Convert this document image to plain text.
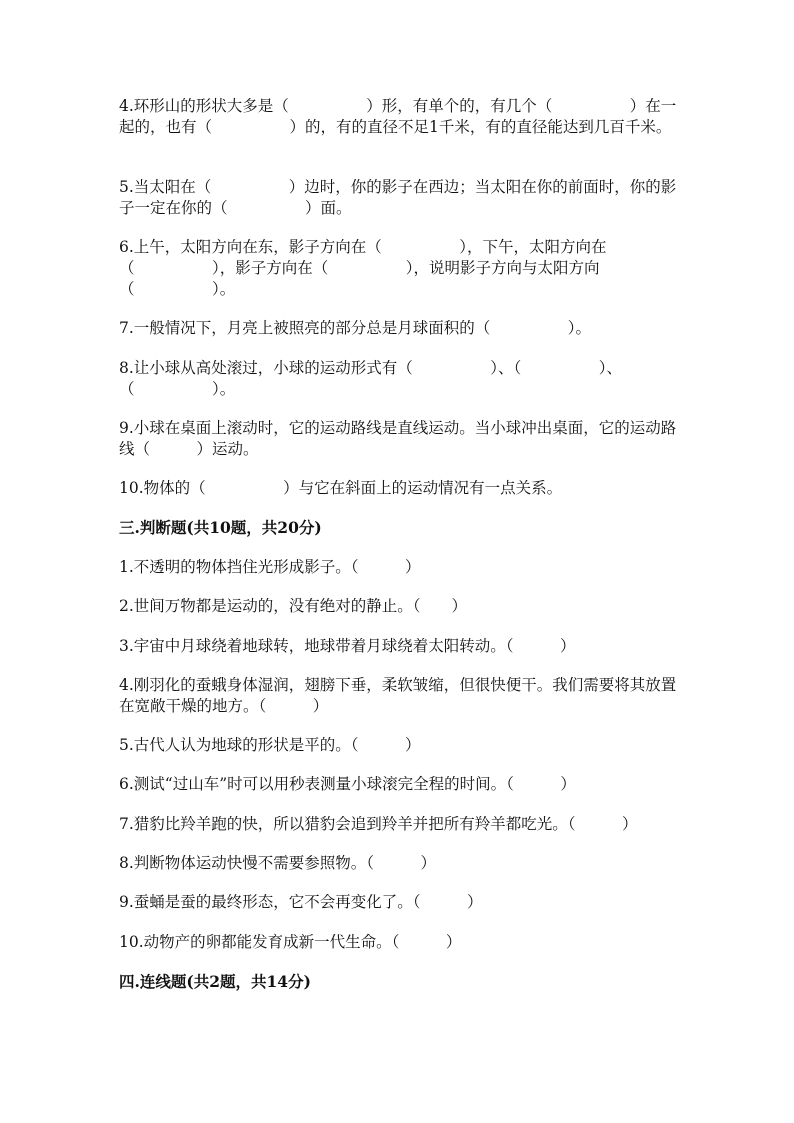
4.环形山的形状大多是（　　　　　）形，有单个的，有几个（　　　　　）在一起的，也有（　　　　　）的，有的直径不足1千米，有的直径能达到几百千米。

5.当太阳在（　　　　　）边时，你的影子在西边；当太阳在你的前面时，你的影子一定在你的（　　　　　）面。

6.上午，太阳方向在东，影子方向在（　　　　　），下午，太阳方向在（　　　　　），影子方向在（　　　　　），说明影子方向与太阳方向（　　　　　）。

7.一般情况下，月亮上被照亮的部分总是月球面积的（　　　　　）。

8.让小球从高处滚过，小球的运动形式有（　　　　　）、（　　　　　）、（　　　　　）。

9.小球在桌面上滚动时，它的运动路线是直线运动。当小球冲出桌面，它的运动路线（　　　）运动。

10.物体的（　　　　　）与它在斜面上的运动情况有一点关系。

三.判断题(共10题，共20分)

1.不透明的物体挡住光形成影子。（　　　）

2.世间万物都是运动的，没有绝对的静止。（　　）

3.宇宙中月球绕着地球转，地球带着月球绕着太阳转动。（　　　）

4.刚羽化的蚕蛾身体湿润，翅膀下垂，柔软皱缩，但很快便干。我们需要将其放置在宽敞干燥的地方。（　　　）

5.古代人认为地球的形状是平的。（　　　）

6.测试“过山车”时可以用秒表测量小球滚完全程的时间。（　　　）

7.猎豹比羚羊跑的快，所以猎豹会追到羚羊并把所有羚羊都吃光。（　　　）

8.判断物体运动快慢不需要参照物。（　　　）

9.蚕蛹是蚕的最终形态，它不会再变化了。（　　　）

10.动物产的卵都能发育成新一代生命。（　　　）

四.连线题(共2题，共14分)
